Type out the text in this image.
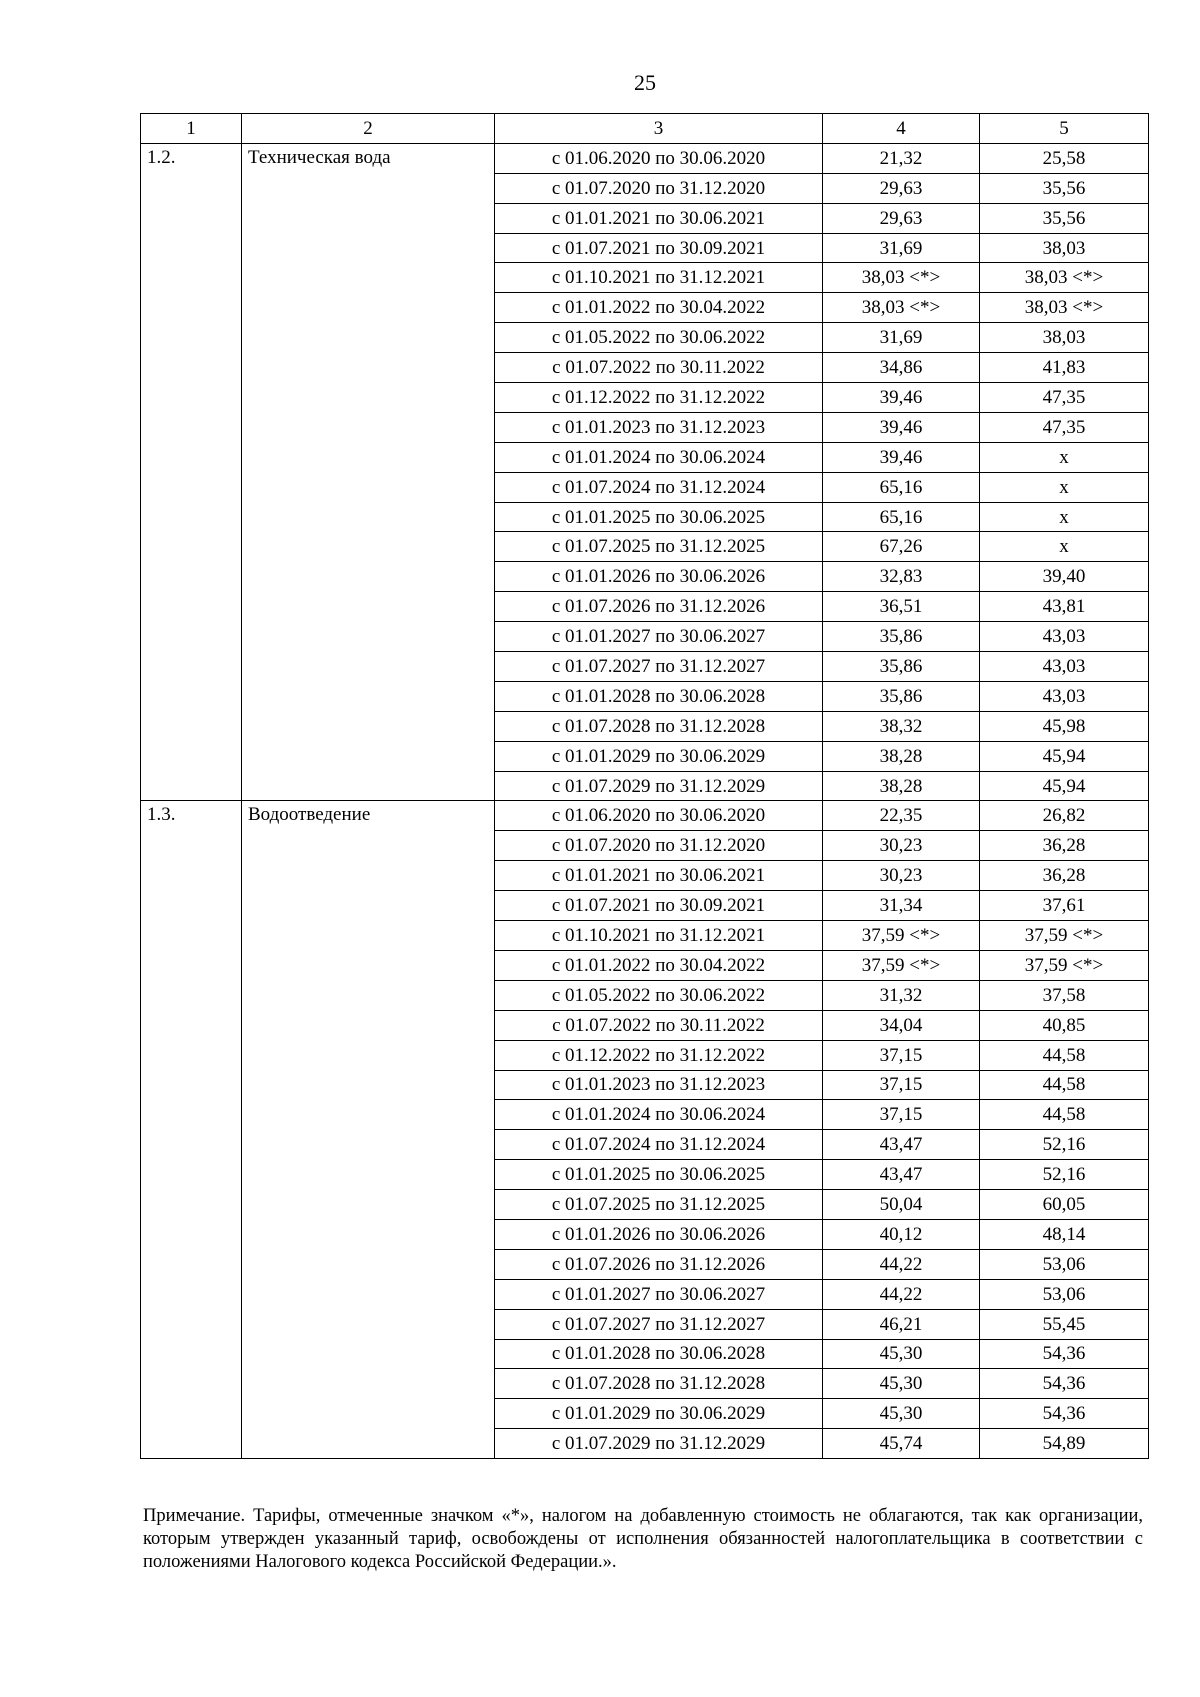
25
1	2	3	4	5
1.2.	Техническая вода	с 01.06.2020 по 30.06.2020	21,32	25,58
		с 01.07.2020 по 31.12.2020	29,63	35,56
		с 01.01.2021 по 30.06.2021	29,63	35,56
		с 01.07.2021 по 30.09.2021	31,69	38,03
		с 01.10.2021 по 31.12.2021	38,03 <*>	38,03 <*>
		с 01.01.2022 по 30.04.2022	38,03 <*>	38,03 <*>
		с 01.05.2022 по 30.06.2022	31,69	38,03
		с 01.07.2022 по 30.11.2022	34,86	41,83
		с 01.12.2022 по 31.12.2022	39,46	47,35
		с 01.01.2023 по 31.12.2023	39,46	47,35
		с 01.01.2024 по 30.06.2024	39,46	х
		с 01.07.2024 по 31.12.2024	65,16	х
		с 01.01.2025 по 30.06.2025	65,16	х
		с 01.07.2025 по 31.12.2025	67,26	х
		с 01.01.2026 по 30.06.2026	32,83	39,40
		с 01.07.2026 по 31.12.2026	36,51	43,81
		с 01.01.2027 по 30.06.2027	35,86	43,03
		с 01.07.2027 по 31.12.2027	35,86	43,03
		с 01.01.2028 по 30.06.2028	35,86	43,03
		с 01.07.2028 по 31.12.2028	38,32	45,98
		с 01.01.2029 по 30.06.2029	38,28	45,94
		с 01.07.2029 по 31.12.2029	38,28	45,94
1.3.	Водоотведение	с 01.06.2020 по 30.06.2020	22,35	26,82
		с 01.07.2020 по 31.12.2020	30,23	36,28
		с 01.01.2021 по 30.06.2021	30,23	36,28
		с 01.07.2021 по 30.09.2021	31,34	37,61
		с 01.10.2021 по 31.12.2021	37,59 <*>	37,59 <*>
		с 01.01.2022 по 30.04.2022	37,59 <*>	37,59 <*>
		с 01.05.2022 по 30.06.2022	31,32	37,58
		с 01.07.2022 по 30.11.2022	34,04	40,85
		с 01.12.2022 по 31.12.2022	37,15	44,58
		с 01.01.2023 по 31.12.2023	37,15	44,58
		с 01.01.2024 по 30.06.2024	37,15	44,58
		с 01.07.2024 по 31.12.2024	43,47	52,16
		с 01.01.2025 по 30.06.2025	43,47	52,16
		с 01.07.2025 по 31.12.2025	50,04	60,05
		с 01.01.2026 по 30.06.2026	40,12	48,14
		с 01.07.2026 по 31.12.2026	44,22	53,06
		с 01.01.2027 по 30.06.2027	44,22	53,06
		с 01.07.2027 по 31.12.2027	46,21	55,45
		с 01.01.2028 по 30.06.2028	45,30	54,36
		с 01.07.2028 по 31.12.2028	45,30	54,36
		с 01.01.2029 по 30.06.2029	45,30	54,36
		с 01.07.2029 по 31.12.2029	45,74	54,89
Примечание. Тарифы, отмеченные значком «*», налогом на добавленную стоимость не облагаются, так как организации, которым утвержден указанный тариф, освобождены от исполнения обязанностей налогоплательщика в соответствии с положениями Налогового кодекса Российской Федерации.».
